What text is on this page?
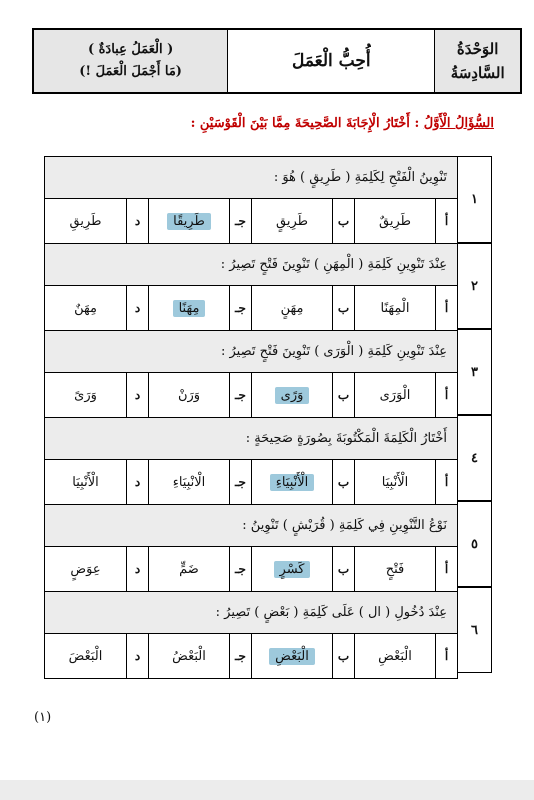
الوَحْدَةُ
السَّادِسَةُ
أُحِبُّ الْعَمَلَ
( الْعَمَلُ عِبادَةٌ )
(مَا أَجْمَلَ الْعَمَلَ !)
السُّؤَالُ الْأَوَّلُ : أَخْتَارُ الْإِجَابَةَ الصَّحِيحَةَ مِمَّا بَيْنَ الْقَوْسَيْنِ :
١
٢
٣
٤
٥
٦
تَنْوِينُ الْفَتْحِ لِكَلِمَةِ ( طَرِيقٍ ) هُوَ :
أ
طَرِيقٌ
ب
طَرِيقٍ
جـ
طَرِيقًا
د
طَرِيقِ
عِنْدَ تَنْوِينِ كَلِمَةِ ( الْمِهَنِ ) تَنْوِينَ فَتْحٍ تَصِيرُ :
أ
الْمِهَنًا
ب
مِهَنٍ
جـ
مِهَنًا
د
مِهَنٌ
عِنْدَ تَنْوِينِ كَلِمَةِ ( الْوَرَى ) تَنْوِينَ فَتْحٍ تَصِيرُ :
أ
الْوَرَى
ب
وَرًى
جـ
وَرَنْ
د
وَرَىً
أَخْتَارُ الْكَلِمَةَ الْمَكْتُوبَةَ بِصُورَةٍ صَحِيحَةٍ :
أ
الْأَنْبِيَا
ب
الْأَنْبِيَاءِ
جـ
الْانْبِيَاءِ
د
الْأَنْبِيَا
نَوْعُ التَّنْوِينِ فِي كَلِمَةِ ( قُرَيْشٍ ) تَنْوِينُ :
أ
فَتْحٍ
ب
كَسْرٍ
جـ
ضَمٍّ
د
عِوَضٍ
عِنْدَ دُخُولِ ( ال ) عَلَى كَلِمَةِ ( بَعْضٍ ) تَصِيرُ :
أ
الْبَعْضِ
ب
الْبَعْضِ
جـ
الْبَعْضُ
د
الْبَعْضَ
(١)
